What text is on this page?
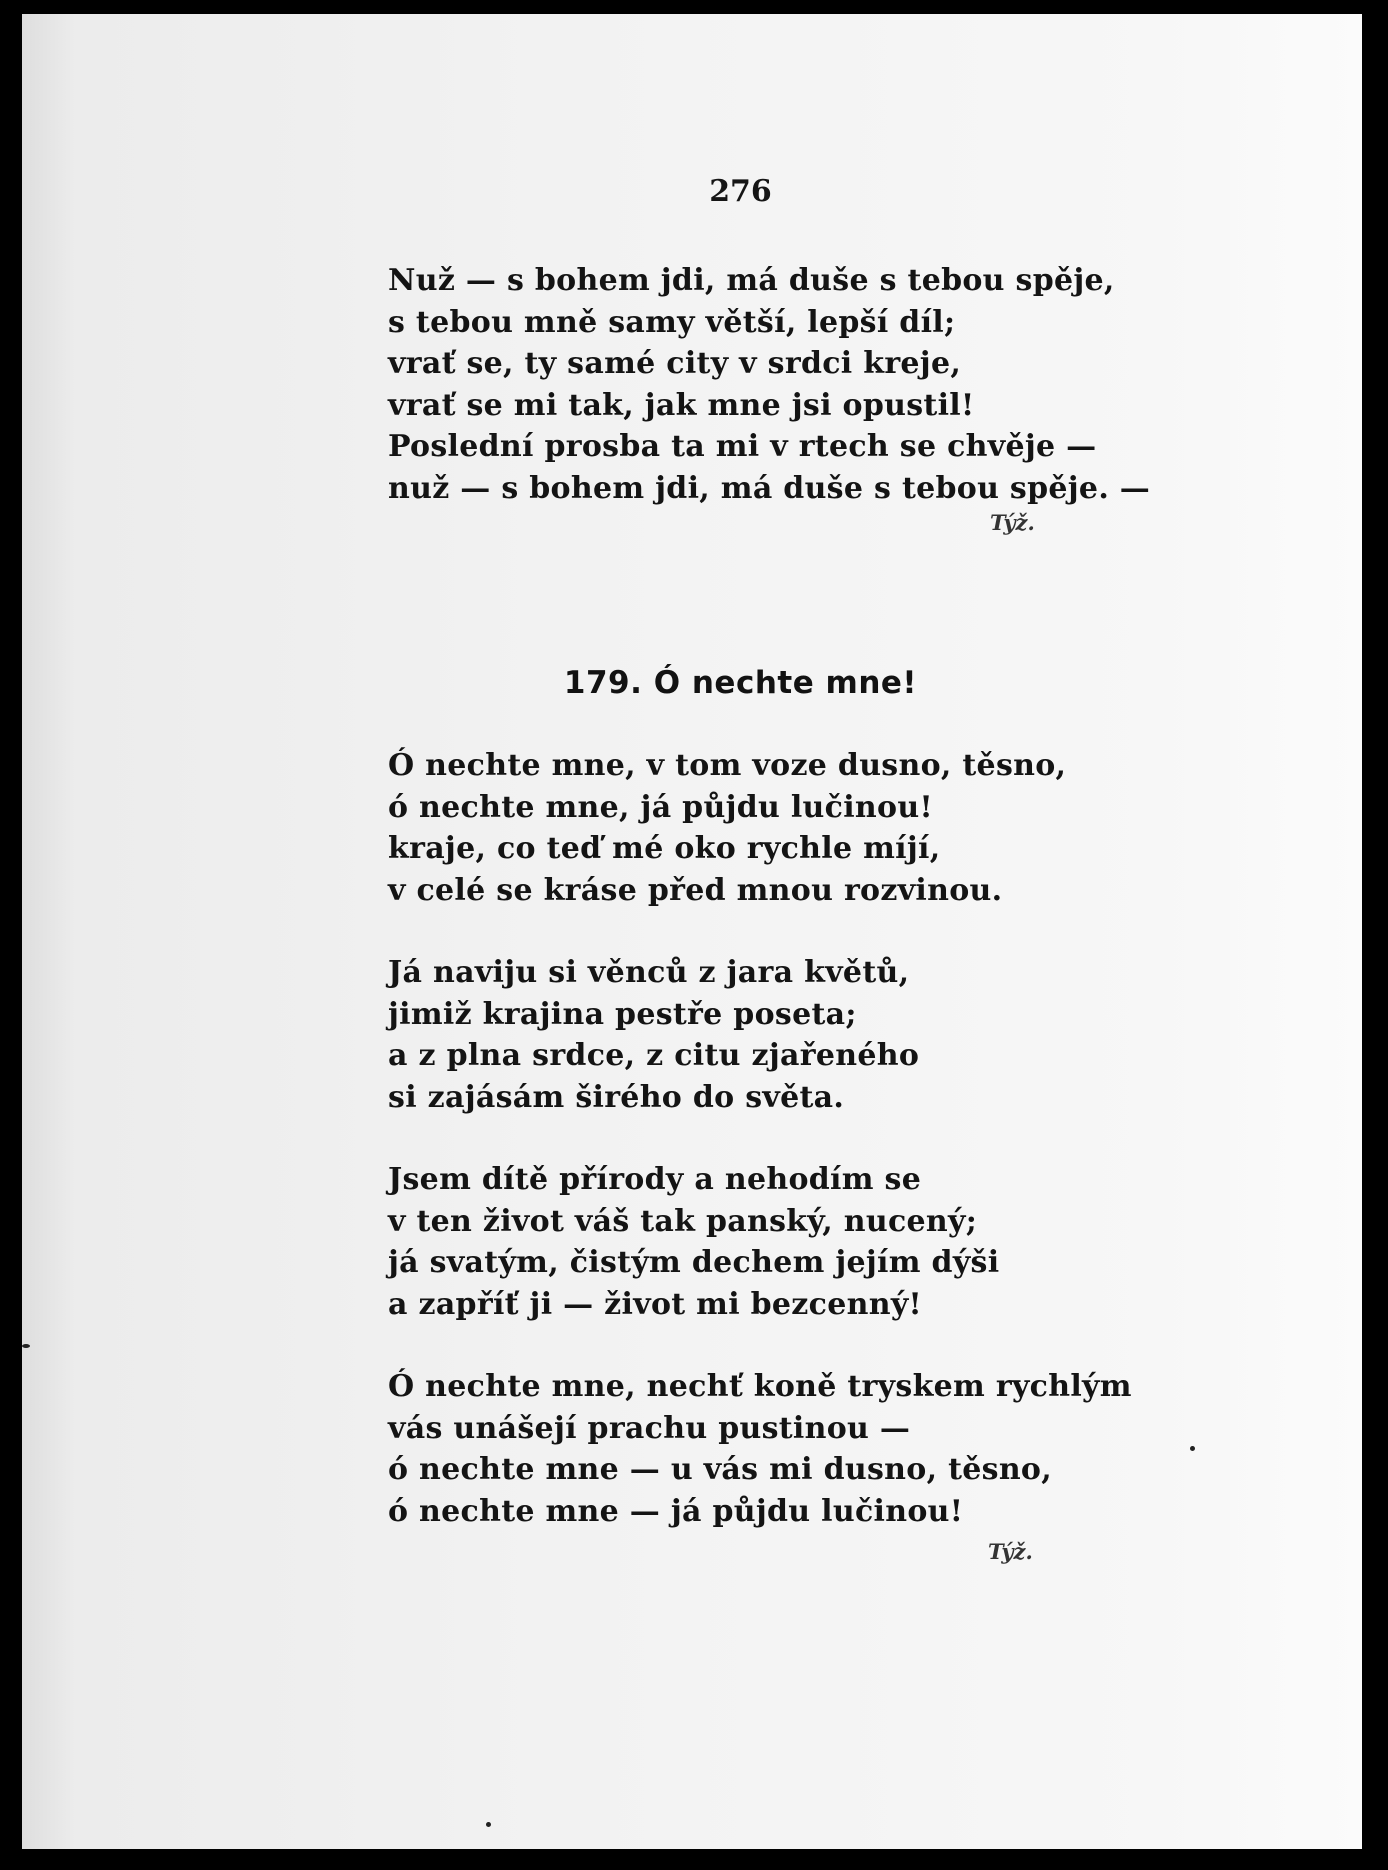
276
Nuž — s bohem jdi, má duše s tebou spěje,
s tebou mně samy větší, lepší díl;
vrať se, ty samé city v srdci kreje,
vrať se mi tak, jak mne jsi opustil!
Poslední prosba ta mi v rtech se chvěje —
nuž — s bohem jdi, má duše s tebou spěje. —
Týž.
179. Ó nechte mne!
Ó nechte mne, v tom voze dusno, těsno,
ó nechte mne, já půjdu lučinou!
kraje, co teď mé oko rychle míjí,
v celé se kráse před mnou rozvinou.
Já naviju si věnců z jara květů,
jimiž krajina pestře poseta;
a z plna srdce, z citu zjařeného
si zajásám širého do světa.
Jsem dítě přírody a nehodím se
v ten život váš tak panský, nucený;
já svatým, čistým dechem jejím dýši
a zapříť ji — život mi bezcenný!
Ó nechte mne, nechť koně tryskem rychlým
vás unášejí prachu pustinou —
ó nechte mne — u vás mi dusno, těsno,
ó nechte mne — já půjdu lučinou!
Týž.
